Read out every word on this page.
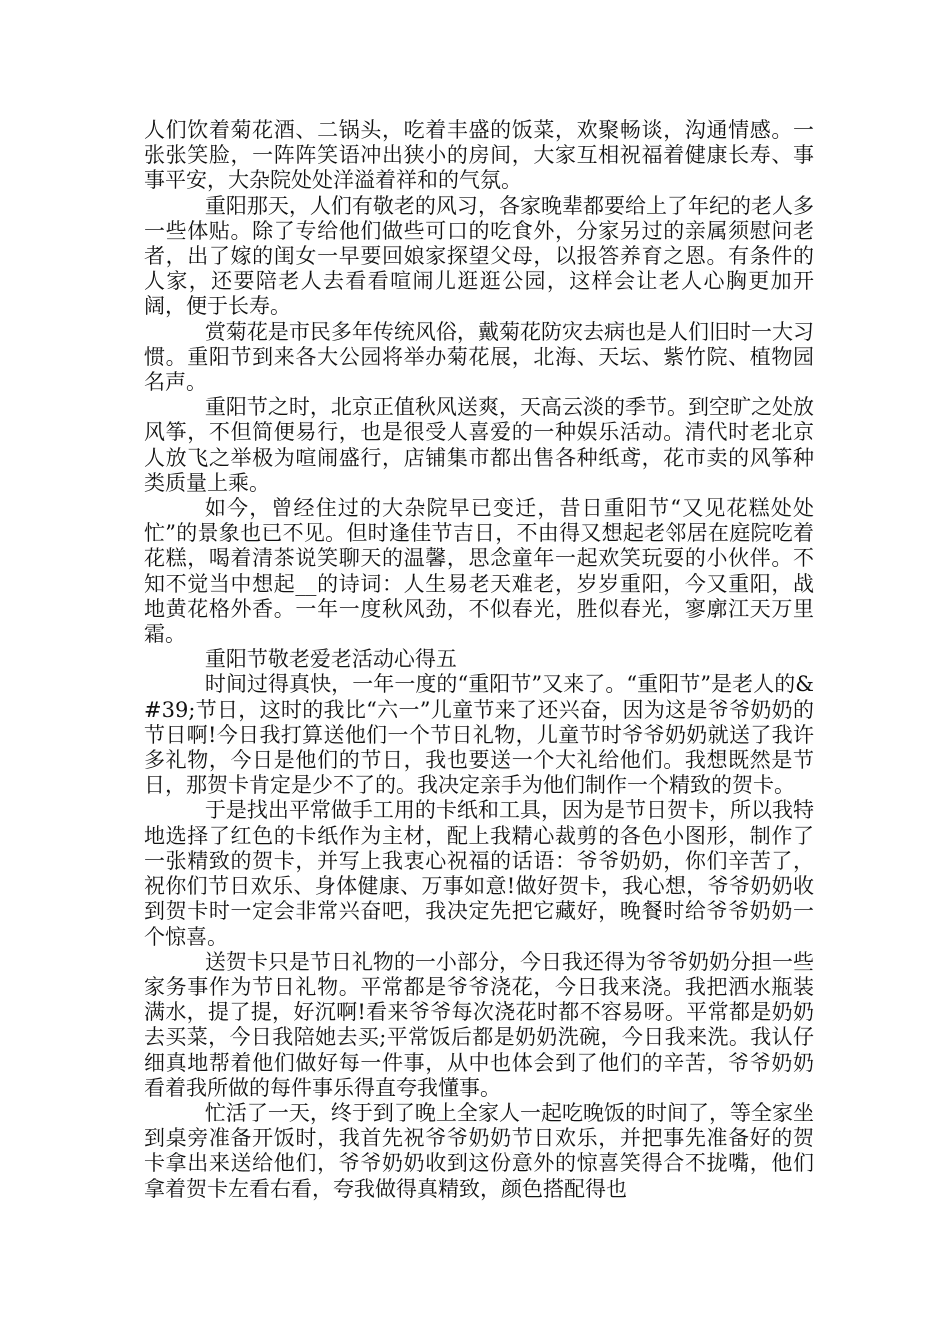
人们饮着菊花酒、二锅头，吃着丰盛的饭菜，欢聚畅谈，沟通情感。一张张笑脸，一阵阵笑语冲出狭小的房间，大家互相祝福着健康长寿、事事平安，大杂院处处洋溢着祥和的气氛。

重阳那天，人们有敬老的风习，各家晚辈都要给上了年纪的老人多一些体贴。除了专给他们做些可口的吃食外，分家另过的亲属须慰问老者，出了嫁的闺女一早要回娘家探望父母，以报答养育之恩。有条件的人家，还要陪老人去看看喧闹儿逛逛公园，这样会让老人心胸更加开阔，便于长寿。

赏菊花是市民多年传统风俗，戴菊花防灾去病也是人们旧时一大习惯。重阳节到来各大公园将举办菊花展，北海、天坛、紫竹院、植物园名声。

重阳节之时，北京正值秋风送爽，天高云淡的季节。到空旷之处放风筝，不但简便易行，也是很受人喜爱的一种娱乐活动。清代时老北京人放飞之举极为喧闹盛行，店铺集市都出售各种纸鸢，花市卖的风筝种类质量上乘。

如今，曾经住过的大杂院早已变迁，昔日重阳节“又见花糕处处忙”的景象也已不见。但时逢佳节吉日，不由得又想起老邻居在庭院吃着花糕，喝着清茶说笑聊天的温馨，思念童年一起欢笑玩耍的小伙伴。不知不觉当中想起__的诗词：人生易老天难老，岁岁重阳，今又重阳，战地黄花格外香。一年一度秋风劲，不似春光，胜似春光，寥廓江天万里霜。

重阳节敬老爱老活动心得五

时间过得真快，一年一度的“重阳节”又来了。“重阳节”是老人的&#39;节日，这时的我比“六一”儿童节来了还兴奋，因为这是爷爷奶奶的节日啊!今日我打算送他们一个节日礼物，儿童节时爷爷奶奶就送了我许多礼物，今日是他们的节日，我也要送一个大礼给他们。我想既然是节日，那贺卡肯定是少不了的。我决定亲手为他们制作一个精致的贺卡。

于是找出平常做手工用的卡纸和工具，因为是节日贺卡，所以我特地选择了红色的卡纸作为主材，配上我精心裁剪的各色小图形，制作了一张精致的贺卡，并写上我衷心祝福的话语：爷爷奶奶，你们辛苦了，祝你们节日欢乐、身体健康、万事如意!做好贺卡，我心想，爷爷奶奶收到贺卡时一定会非常兴奋吧，我决定先把它藏好，晚餐时给爷爷奶奶一个惊喜。

送贺卡只是节日礼物的一小部分，今日我还得为爷爷奶奶分担一些家务事作为节日礼物。平常都是爷爷浇花，今日我来浇。我把洒水瓶装满水，提了提，好沉啊!看来爷爷每次浇花时都不容易呀。平常都是奶奶去买菜，今日我陪她去买;平常饭后都是奶奶洗碗，今日我来洗。我认仔细真地帮着他们做好每一件事，从中也体会到了他们的辛苦，爷爷奶奶看着我所做的每件事乐得直夸我懂事。

忙活了一天，终于到了晚上全家人一起吃晚饭的时间了，等全家坐到桌旁准备开饭时，我首先祝爷爷奶奶节日欢乐，并把事先准备好的贺卡拿出来送给他们，爷爷奶奶收到这份意外的惊喜笑得合不拢嘴，他们拿着贺卡左看右看，夸我做得真精致，颜色搭配得也
